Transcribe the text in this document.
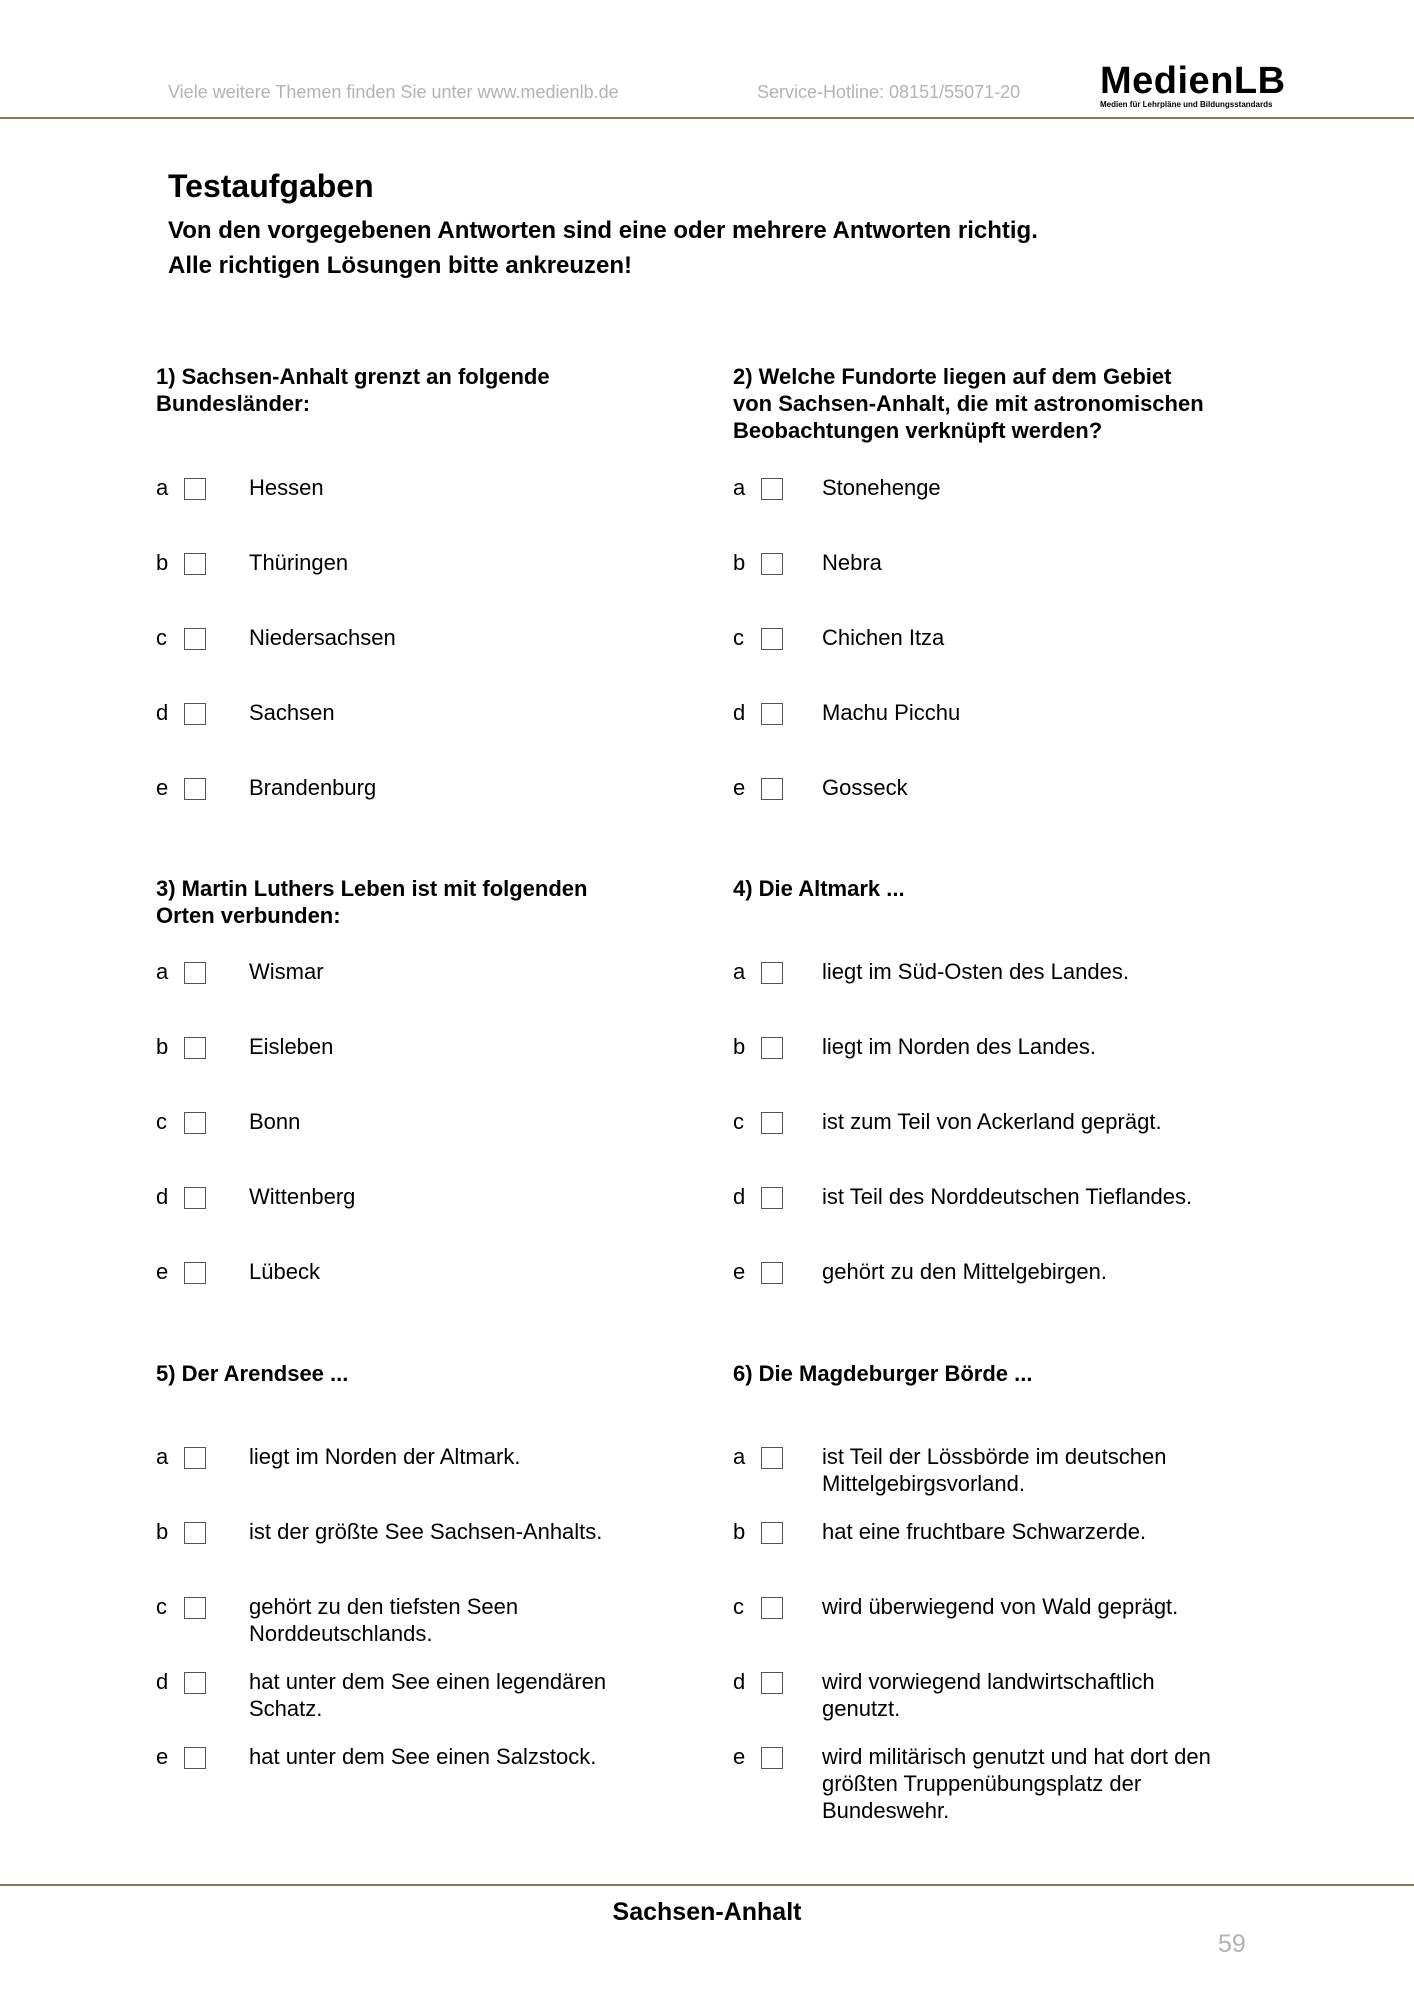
Viele weitere Themen finden Sie unter www.medienlb.de	Service-Hotline: 08151/55071-20 MedienLB
Medien für Lehrpläne und Bildungsstandards
Testaufgaben
Von den vorgegebenen Antworten sind eine oder mehrere Antworten richtig.
Alle richtigen Lösungen bitte ankreuzen!
1) Sachsen-Anhalt grenzt an folgende
Bundesländer:
a	Hessen
b	Thüringen
c	Niedersachsen
d	Sachsen
e	Brandenburg
2) Welche Fundorte liegen auf dem Gebiet
von Sachsen-Anhalt, die mit astronomischen
Beobachtungen verknüpft werden?
a	Stonehenge
b	Nebra
c	Chichen Itza
d	Machu Picchu
e	Gosseck
3) Martin Luthers Leben ist mit folgenden
Orten verbunden:
a	Wismar
b	Eisleben
c	Bonn
d	Wittenberg
e	Lübeck
4) Die Altmark ...
a	liegt im Süd-Osten des Landes.
b	liegt im Norden des Landes.
c	ist zum Teil von Ackerland geprägt.
d	ist Teil des Norddeutschen Tieflandes.
e	gehört zu den Mittelgebirgen.
5) Der Arendsee ...
a	liegt im Norden der Altmark.
b	ist der größte See Sachsen-Anhalts.
c	gehört zu den tiefsten Seen
Norddeutschlands.
d	hat unter dem See einen legendären
Schatz.
e	hat unter dem See einen Salzstock.
6) Die Magdeburger Börde ...
a	ist Teil der Lössbörde im deutschen
Mittelgebirgsvorland.
b	hat eine fruchtbare Schwarzerde.
c	wird überwiegend von Wald geprägt.
d	wird vorwiegend landwirtschaftlich
genutzt.
e	wird militärisch genutzt und hat dort den
größten Truppenübungsplatz der
Bundeswehr.
Sachsen-Anhalt
59
